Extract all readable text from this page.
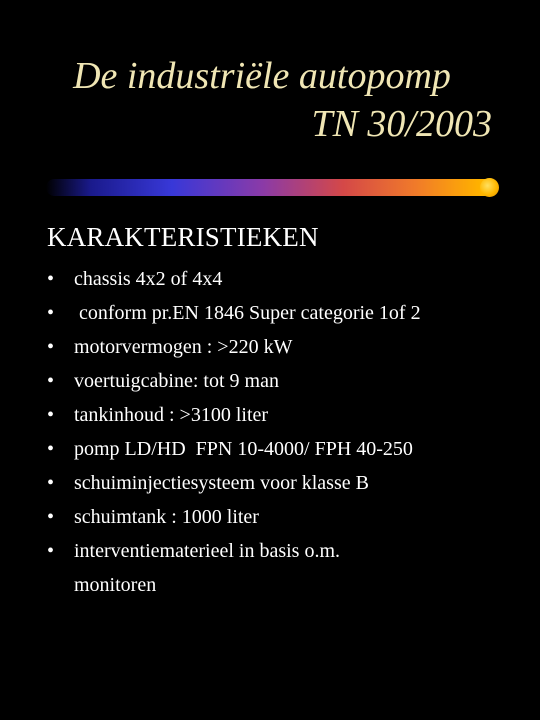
De industriële autopomp
TN 30/2003
KARAKTERISTIEKEN
• chassis 4x2 of 4x4
• conform pr.EN 1846 Super categorie 1of 2
• motorvermogen : >220 kW
• voertuigcabine: tot 9 man
• tankinhoud : >3100 liter
• pomp LD/HD  FPN 10-4000/ FPH 40-250
• schuiminjectiesysteem voor klasse B
• schuimtank : 1000 liter
• interventiematerieel in basis o.m.
monitoren
